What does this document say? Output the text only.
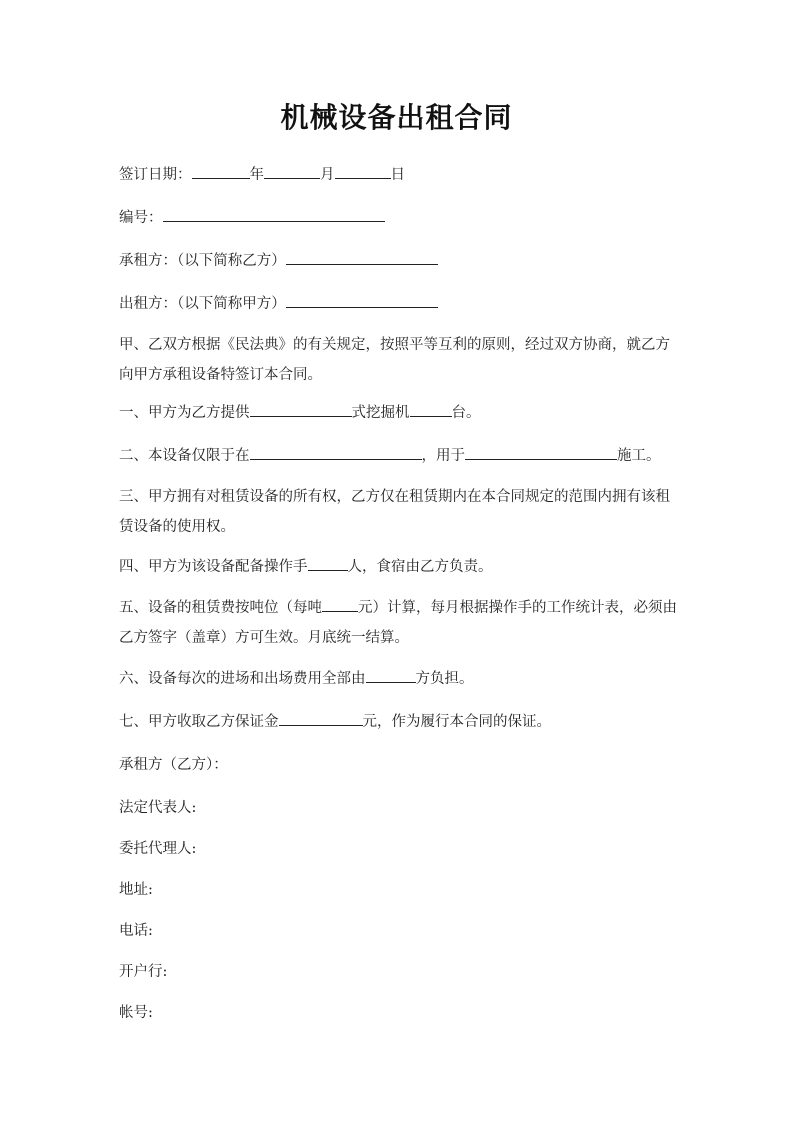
机械设备出租合同
签订日期：	年	月	日
编号：
承租方：（以下简称乙方）
出租方：（以下简称甲方）
甲、乙双方根据《民法典》的有关规定，按照平等互利的原则，经过双方协商，就乙方向甲方承租设备特签订本合同。
一、甲方为乙方提供	式挖掘机	台。
二、本设备仅限于在	，用于	施工。
三、甲方拥有对租赁设备的所有权，乙方仅在租赁期内在本合同规定的范围内拥有该租赁设备的使用权。
四、甲方为该设备配备操作手	人，食宿由乙方负责。
五、设备的租赁费按吨位（每吨 元）计算，每月根据操作手的工作统计表，必须由乙方签字（盖章）方可生效。月底统一结算。
六、设备每次的进场和出场费用全部由	方负担。
七、甲方收取乙方保证金	元，作为履行本合同的保证。
承租方（乙方）：
法定代表人:
委托代理人:
地址:
电话:
开户行:
帐号:
